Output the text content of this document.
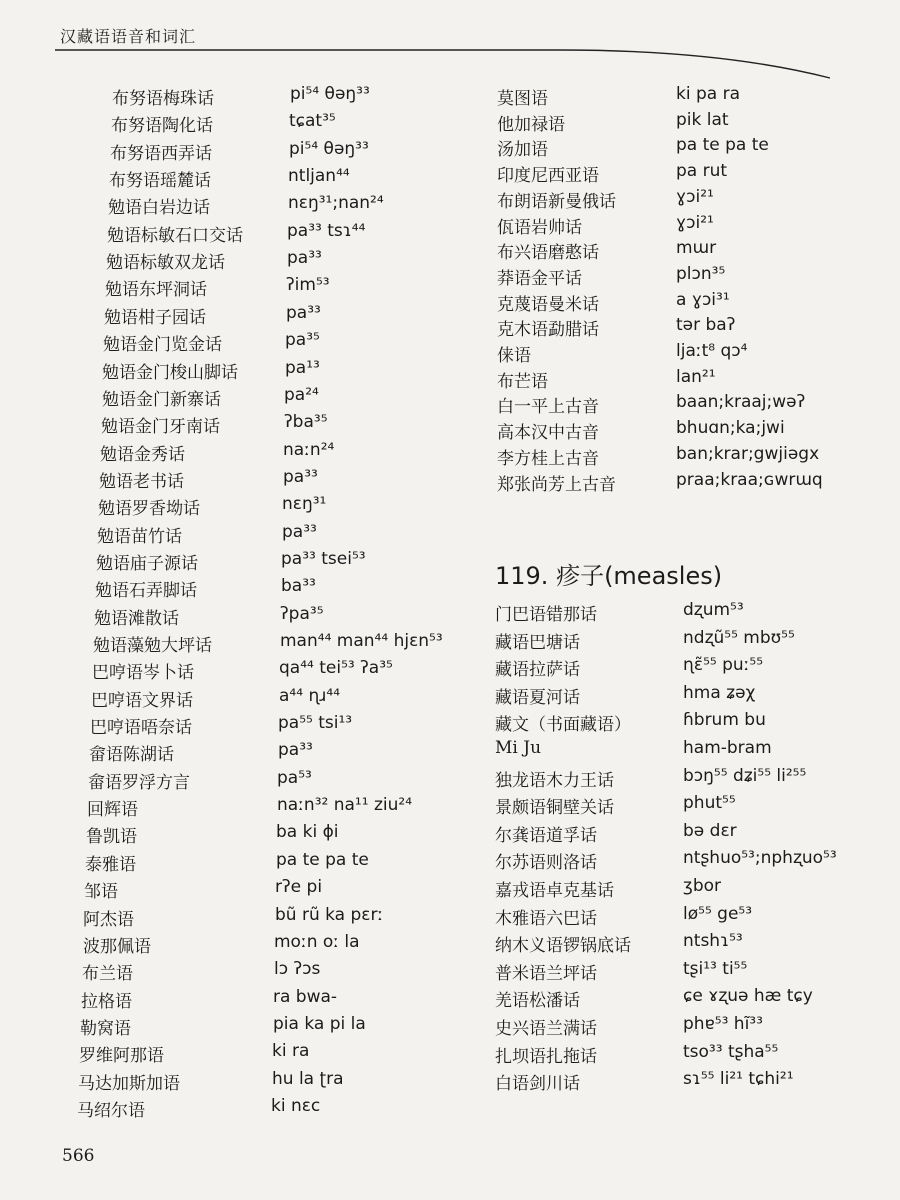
汉藏语语音和词汇
布努语梅珠话	pi⁵⁴ θəŋ³³
布努语陶化话	tɕat³⁵
布努语西弄话	pi⁵⁴ θəŋ³³
布努语瑶麓话	ntljan⁴⁴
勉语白岩边话	nɛŋ³¹;nan²⁴
勉语标敏石口交话	pa³³ tsɿ⁴⁴
勉语标敏双龙话	pa³³
勉语东坪洞话	ʔim⁵³
勉语柑子园话	pa³³
勉语金门览金话	pa³⁵
勉语金门梭山脚话	pa¹³
勉语金门新寨话	pa²⁴
勉语金门牙南话	ʔba³⁵
勉语金秀话	naːn²⁴
勉语老书话	pa³³
勉语罗香坳话	nɛŋ³¹
勉语苗竹话	pa³³
勉语庙子源话	pa³³ tsei⁵³
勉语石弄脚话	ba³³
勉语滩散话	ʔpa³⁵
勉语藻勉大坪话	man⁴⁴ man⁴⁴ hjɛn⁵³
巴哼语岑卜话	qa⁴⁴ tei⁵³ ʔa³⁵
巴哼语文界话	a⁴⁴ ɳɹ⁴⁴
巴哼语唔奈话	pa⁵⁵ tsi¹³
畲语陈湖话	pa³³
畲语罗浮方言	pa⁵³
回辉语	naːn³² na¹¹ ziu²⁴
鲁凯语	ba ki ɸi
泰雅语	pa te pa te
邹语	rʔe pi
阿杰语	bũ rũ ka pɛrː
波那佩语	moːn oː la
布兰语	lɔ ʔɔs
拉格语	ra bwa-
勒窝语	pia ka pi la
罗维阿那语	ki ra
马达加斯加语	hu la ʈra
马绍尔语	ki nɛc
莫图语	ki pa ra
他加禄语	pik lat
汤加语	pa te pa te
印度尼西亚语	pa rut
布朗语新曼俄话	ɣɔi²¹
佤语岩帅话	ɣɔi²¹
布兴语磨憨话	mɯr
莽语金平话	plɔn³⁵
克蔑语曼米话	a ɣɔi³¹
克木语勐腊话	tər baʔ
俫语	ljaːt⁸ qɔ⁴
布芒语	lan²¹
白一平上古音	baan;kraaj;wəʔ
高本汉中古音	bhuɑn;ka;jwi
李方桂上古音	ban;krar;gwjiəgx
郑张尚芳上古音	praa;kraa;ɢwrɯq
门巴语错那话	dʐum⁵³
藏语巴塘话	ndʐũ⁵⁵ mbʊ⁵⁵
藏语拉萨话	ɳɛ̃⁵⁵ puː⁵⁵
藏语夏河话	hma ʑəχ
藏文（书面藏语）	ɦbrum bu
Mi Ju	ham-bram
独龙语木力王话	bɔŋ⁵⁵ dʑi⁵⁵ li²⁵⁵
景颇语铜壁关话	phut⁵⁵
尔龚语道孚话	bə dɛr
尔苏语则洛话	ntʂhuo⁵³;nphʐuo⁵³
嘉戎语卓克基话	ʒbor
木雅语六巴话	lø⁵⁵ ge⁵³
纳木义语锣锅底话	ntshɿ⁵³
普米语兰坪话	tʂi¹³ ti⁵⁵
羌语松潘话	ɕe ɤʐuə hæ tɕy
史兴语兰满话	phɐ⁵³ hĩ³³
扎坝语扎拖话	tso³³ tʂha⁵⁵
白语剑川话	sɿ⁵⁵ li²¹ tɕhi²¹
119. 疹子(measles)
566
